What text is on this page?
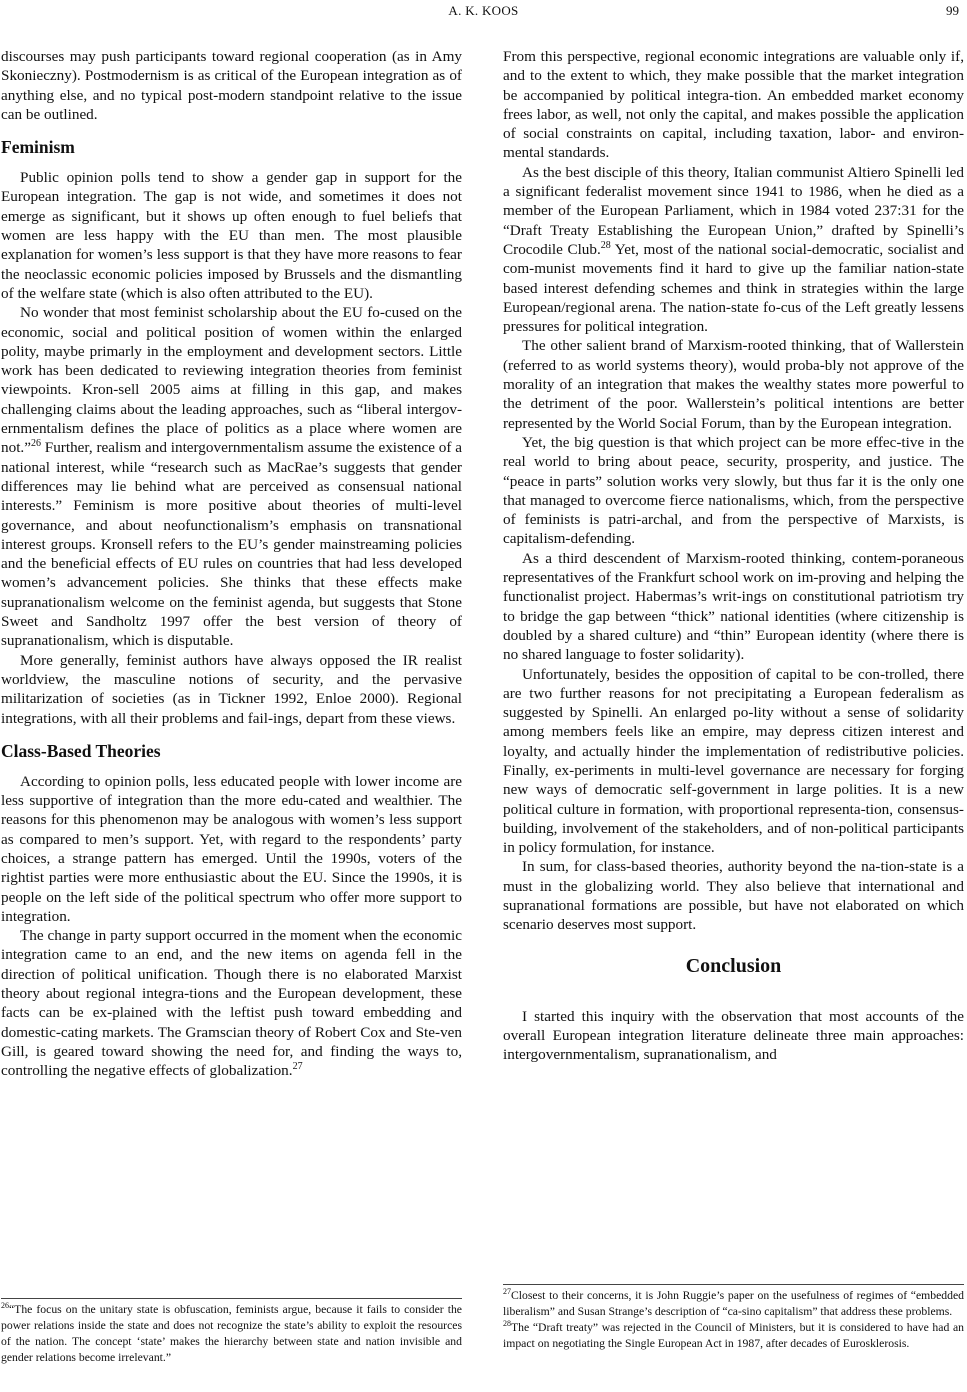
A. K. KOOS	99

discourses may push participants toward regional cooperation (as in Amy Skonieczny). Postmodernism is as critical of the European integration as of anything else, and no typical post-modern standpoint relative to the issue can be outlined.

Feminism

Public opinion polls tend to show a gender gap in support for the European integration. The gap is not wide, and sometimes it does not emerge as significant, but it shows up often enough to fuel beliefs that women are less happy with the EU than men. The most plausible explanation for women’s less support is that they have more reasons to fear the neoclassic economic policies imposed by Brussels and the dismantling of the welfare state (which is also often attributed to the EU).

No wonder that most feminist scholarship about the EU fo-cused on the economic, social and political position of women within the enlarged polity, maybe primarly in the employment and development sectors. Little work has been dedicated to reviewing integration theories from feminist viewpoints. Kron-sell 2005 aims at filling in this gap, and makes challenging claims about the leading approaches, such as “liberal intergov-ernmentalism defines the place of politics as a place where women are not.”$^{26}$ Further, realism and intergovernmentalism assume the existence of a national interest, while “research such as MacRae’s suggests that gender differences may lie behind what are perceived as consensual national interests.” Feminism is more positive about theories of multi-level governance, and about neofunctionalism’s emphasis on transnational interest groups. Kronsell refers to the EU’s gender mainstreaming policies and the beneficial effects of EU rules on countries that had less developed women’s advancement policies. She thinks that these effects make supranationalism welcome on the feminist agenda, but suggests that Stone Sweet and Sandholtz 1997 offer the best version of theory of supranationalism, which is disputable.

More generally, feminist authors have always opposed the IR realist worldview, the masculine notions of security, and the pervasive militarization of societies (as in Tickner 1992, Enloe 2000). Regional integrations, with all their problems and fail-ings, depart from these views.

Class-Based Theories

According to opinion polls, less educated people with lower income are less supportive of integration than the more edu-cated and wealthier. The reasons for this phenomenon may be analogous with women’s less support as compared to men’s support. Yet, with regard to the respondents’ party choices, a strange pattern has emerged. Until the 1990s, voters of the rightist parties were more enthusiastic about the EU. Since the 1990s, it is people on the left side of the political spectrum who offer more support to integration.

The change in party support occurred in the moment when the economic integration came to an end, and the new items on agenda fell in the direction of political unification. Though there is no elaborated Marxist theory about regional integra-tions and the European development, these facts can be ex-plained with the leftist push toward embedding and domestic-cating markets. The Gramscian theory of Robert Cox and Ste-ven Gill, is geared toward showing the need for, and finding the ways to, controlling the negative effects of globalization.$^{27}$

From this perspective, regional economic integrations are valuable only if, and to the extent to which, they make possible that the market integration be accompanied by political integra-tion. An embedded market economy frees labor, as well, not only the capital, and makes possible the application of social constraints on capital, including taxation, labor- and environ-mental standards.

As the best disciple of this theory, Italian communist Altiero Spinelli led a significant federalist movement since 1941 to 1986, when he died as a member of the European Parliament, which in 1984 voted 237:31 for the “Draft Treaty Establishing the European Union,” drafted by Spinelli’s Crocodile Club.$^{28}$ Yet, most of the national social-democratic, socialist and com-munist movements find it hard to give up the familiar nation-state based interest defending schemes and think in strategies within the large European/regional arena. The nation-state fo-cus of the Left greatly lessens pressures for political integration.

The other salient brand of Marxism-rooted thinking, that of Wallerstein (referred to as world systems theory), would proba-bly not approve of the morality of an integration that makes the wealthy states more powerful to the detriment of the poor. Wallerstein’s political intentions are better represented by the World Social Forum, than by the European integration.

Yet, the big question is that which project can be more effec-tive in the real world to bring about peace, security, prosperity, and justice. The “peace in parts” solution works very slowly, but thus far it is the only one that managed to overcome fierce nationalisms, which, from the perspective of feminists is patri-archal, and from the perspective of Marxists, is capitalism-defending.

As a third descendent of Marxism-rooted thinking, contem-poraneous representatives of the Frankfurt school work on im-proving and helping the functionalist project. Habermas’s writ-ings on constitutional patriotism try to bridge the gap between “thick” national identities (where citizenship is doubled by a shared culture) and “thin” European identity (where there is no shared language to foster solidarity).

Unfortunately, besides the opposition of capital to be con-trolled, there are two further reasons for not precipitating a European federalism as suggested by Spinelli. An enlarged po-lity without a sense of solidarity among members feels like an empire, may depress citizen interest and loyalty, and actually hinder the implementation of redistributive policies. Finally, ex-periments in multi-level governance are necessary for forging new ways of democratic self-government in large polities. It is a new political culture in formation, with proportional representa-tion, consensus-building, involvement of the stakeholders, and of non-political participants in policy formulation, for instance.

In sum, for class-based theories, authority beyond the na-tion-state is a must in the globalizing world. They also believe that international and supranational formations are possible, but have not elaborated on which scenario deserves most support.

Conclusion

I started this inquiry with the observation that most accounts of the overall European integration literature delineate three main approaches: intergovernmentalism, supranationalism, and

$^{26}$“The focus on the unitary state is obfuscation, feminists argue, because it fails to consider the power relations inside the state and does not recognize the state’s ability to exploit the resources of the nation. The concept ‘state’ makes the hierarchy between state and nation invisible and gender relations become irrelevant.”

$^{27}$Closest to their concerns, it is John Ruggie’s paper on the usefulness of regimes of “embedded liberalism” and Susan Strange’s description of “ca-sino capitalism” that address these problems.

$^{28}$The “Draft treaty” was rejected in the Council of Ministers, but it is considered to have had an impact on negotiating the Single European Act in 1987, after decades of Eurosklerosis.
